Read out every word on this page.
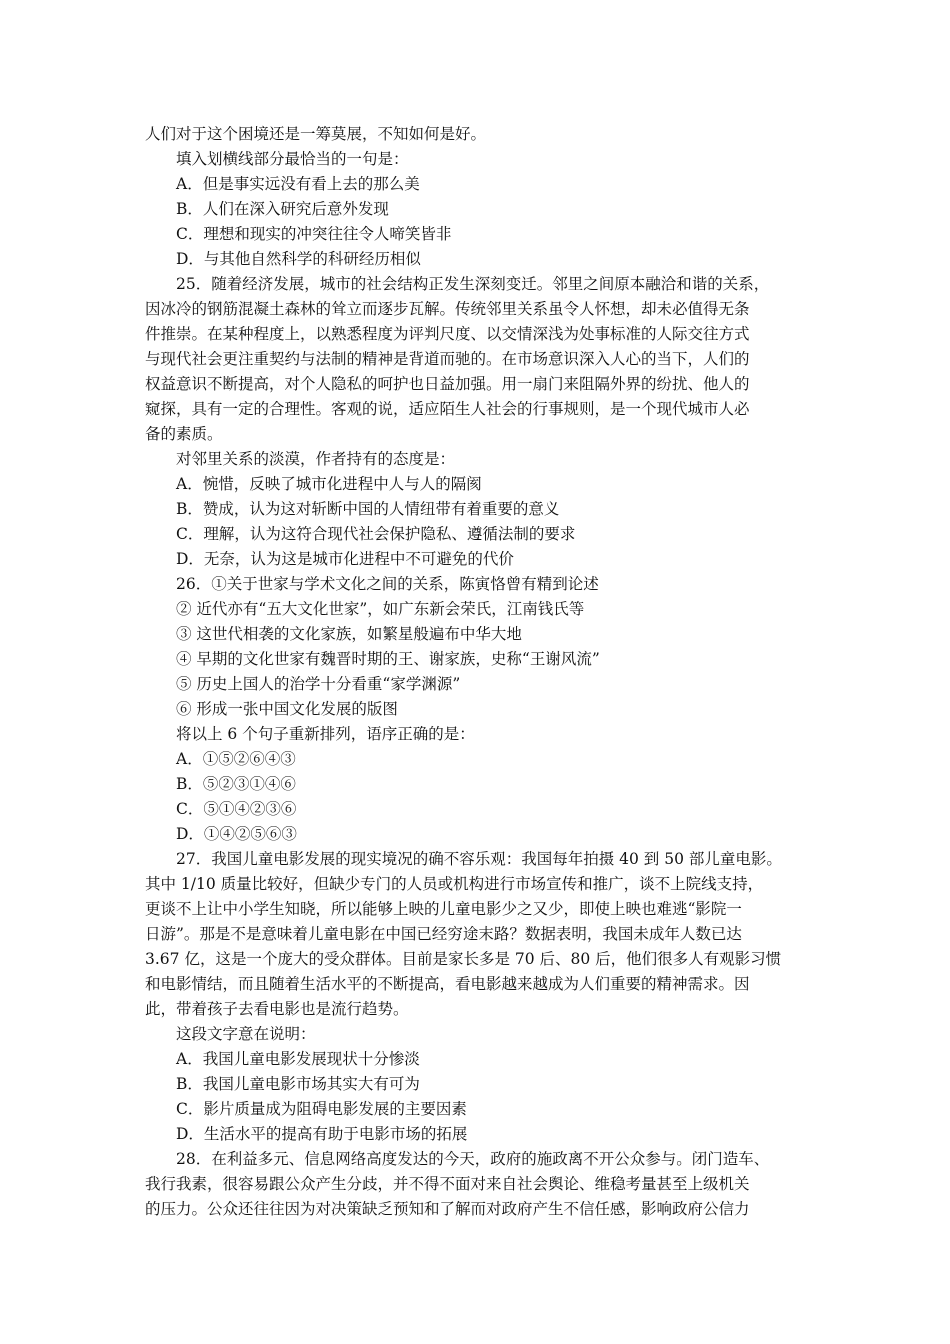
人们对于这个困境还是一筹莫展，不知如何是好。
填入划横线部分最恰当的一句是：
A．但是事实远没有看上去的那么美
B．人们在深入研究后意外发现
C．理想和现实的冲突往往令人啼笑皆非
D．与其他自然科学的科研经历相似
25．随着经济发展，城市的社会结构正发生深刻变迁。邻里之间原本融洽和谐的关系，
因冰冷的钢筋混凝土森林的耸立而逐步瓦解。传统邻里关系虽令人怀想，却未必值得无条
件推崇。在某种程度上，以熟悉程度为评判尺度、以交情深浅为处事标准的人际交往方式
与现代社会更注重契约与法制的精神是背道而驰的。在市场意识深入人心的当下，人们的
权益意识不断提高，对个人隐私的呵护也日益加强。用一扇门来阻隔外界的纷扰、他人的
窥探，具有一定的合理性。客观的说，适应陌生人社会的行事规则，是一个现代城市人必
备的素质。
对邻里关系的淡漠，作者持有的态度是：
A．惋惜，反映了城市化进程中人与人的隔阂
B．赞成，认为这对斩断中国的人情纽带有着重要的意义
C．理解，认为这符合现代社会保护隐私、遵循法制的要求
D．无奈，认为这是城市化进程中不可避免的代价
26．①关于世家与学术文化之间的关系，陈寅恪曾有精到论述
② 近代亦有“五大文化世家”，如广东新会荣氏，江南钱氏等
③ 这世代相袭的文化家族，如繁星般遍布中华大地
④ 早期的文化世家有魏晋时期的王、谢家族，史称“王谢风流”
⑤ 历史上国人的治学十分看重“家学渊源”
⑥ 形成一张中国文化发展的版图
将以上 6 个句子重新排列，语序正确的是：
A．①⑤②⑥④③
B．⑤②③①④⑥
C．⑤①④②③⑥
D．①④②⑤⑥③
27．我国儿童电影发展的现实境况的确不容乐观：我国每年拍摄 40 到 50 部儿童电影。
其中 1/10 质量比较好，但缺少专门的人员或机构进行市场宣传和推广，谈不上院线支持，
更谈不上让中小学生知晓，所以能够上映的儿童电影少之又少，即使上映也难逃“影院一
日游”。那是不是意味着儿童电影在中国已经穷途末路？数据表明，我国未成年人数已达
3.67 亿，这是一个庞大的受众群体。目前是家长多是 70 后、80 后，他们很多人有观影习惯
和电影情结，而且随着生活水平的不断提高，看电影越来越成为人们重要的精神需求。因
此，带着孩子去看电影也是流行趋势。
这段文字意在说明：
A．我国儿童电影发展现状十分惨淡
B．我国儿童电影市场其实大有可为
C．影片质量成为阻碍电影发展的主要因素
D．生活水平的提高有助于电影市场的拓展
28．在利益多元、信息网络高度发达的今天，政府的施政离不开公众参与。闭门造车、
我行我素，很容易跟公众产生分歧，并不得不面对来自社会舆论、维稳考量甚至上级机关
的压力。公众还往往因为对决策缺乏预知和了解而对政府产生不信任感，影响政府公信力
